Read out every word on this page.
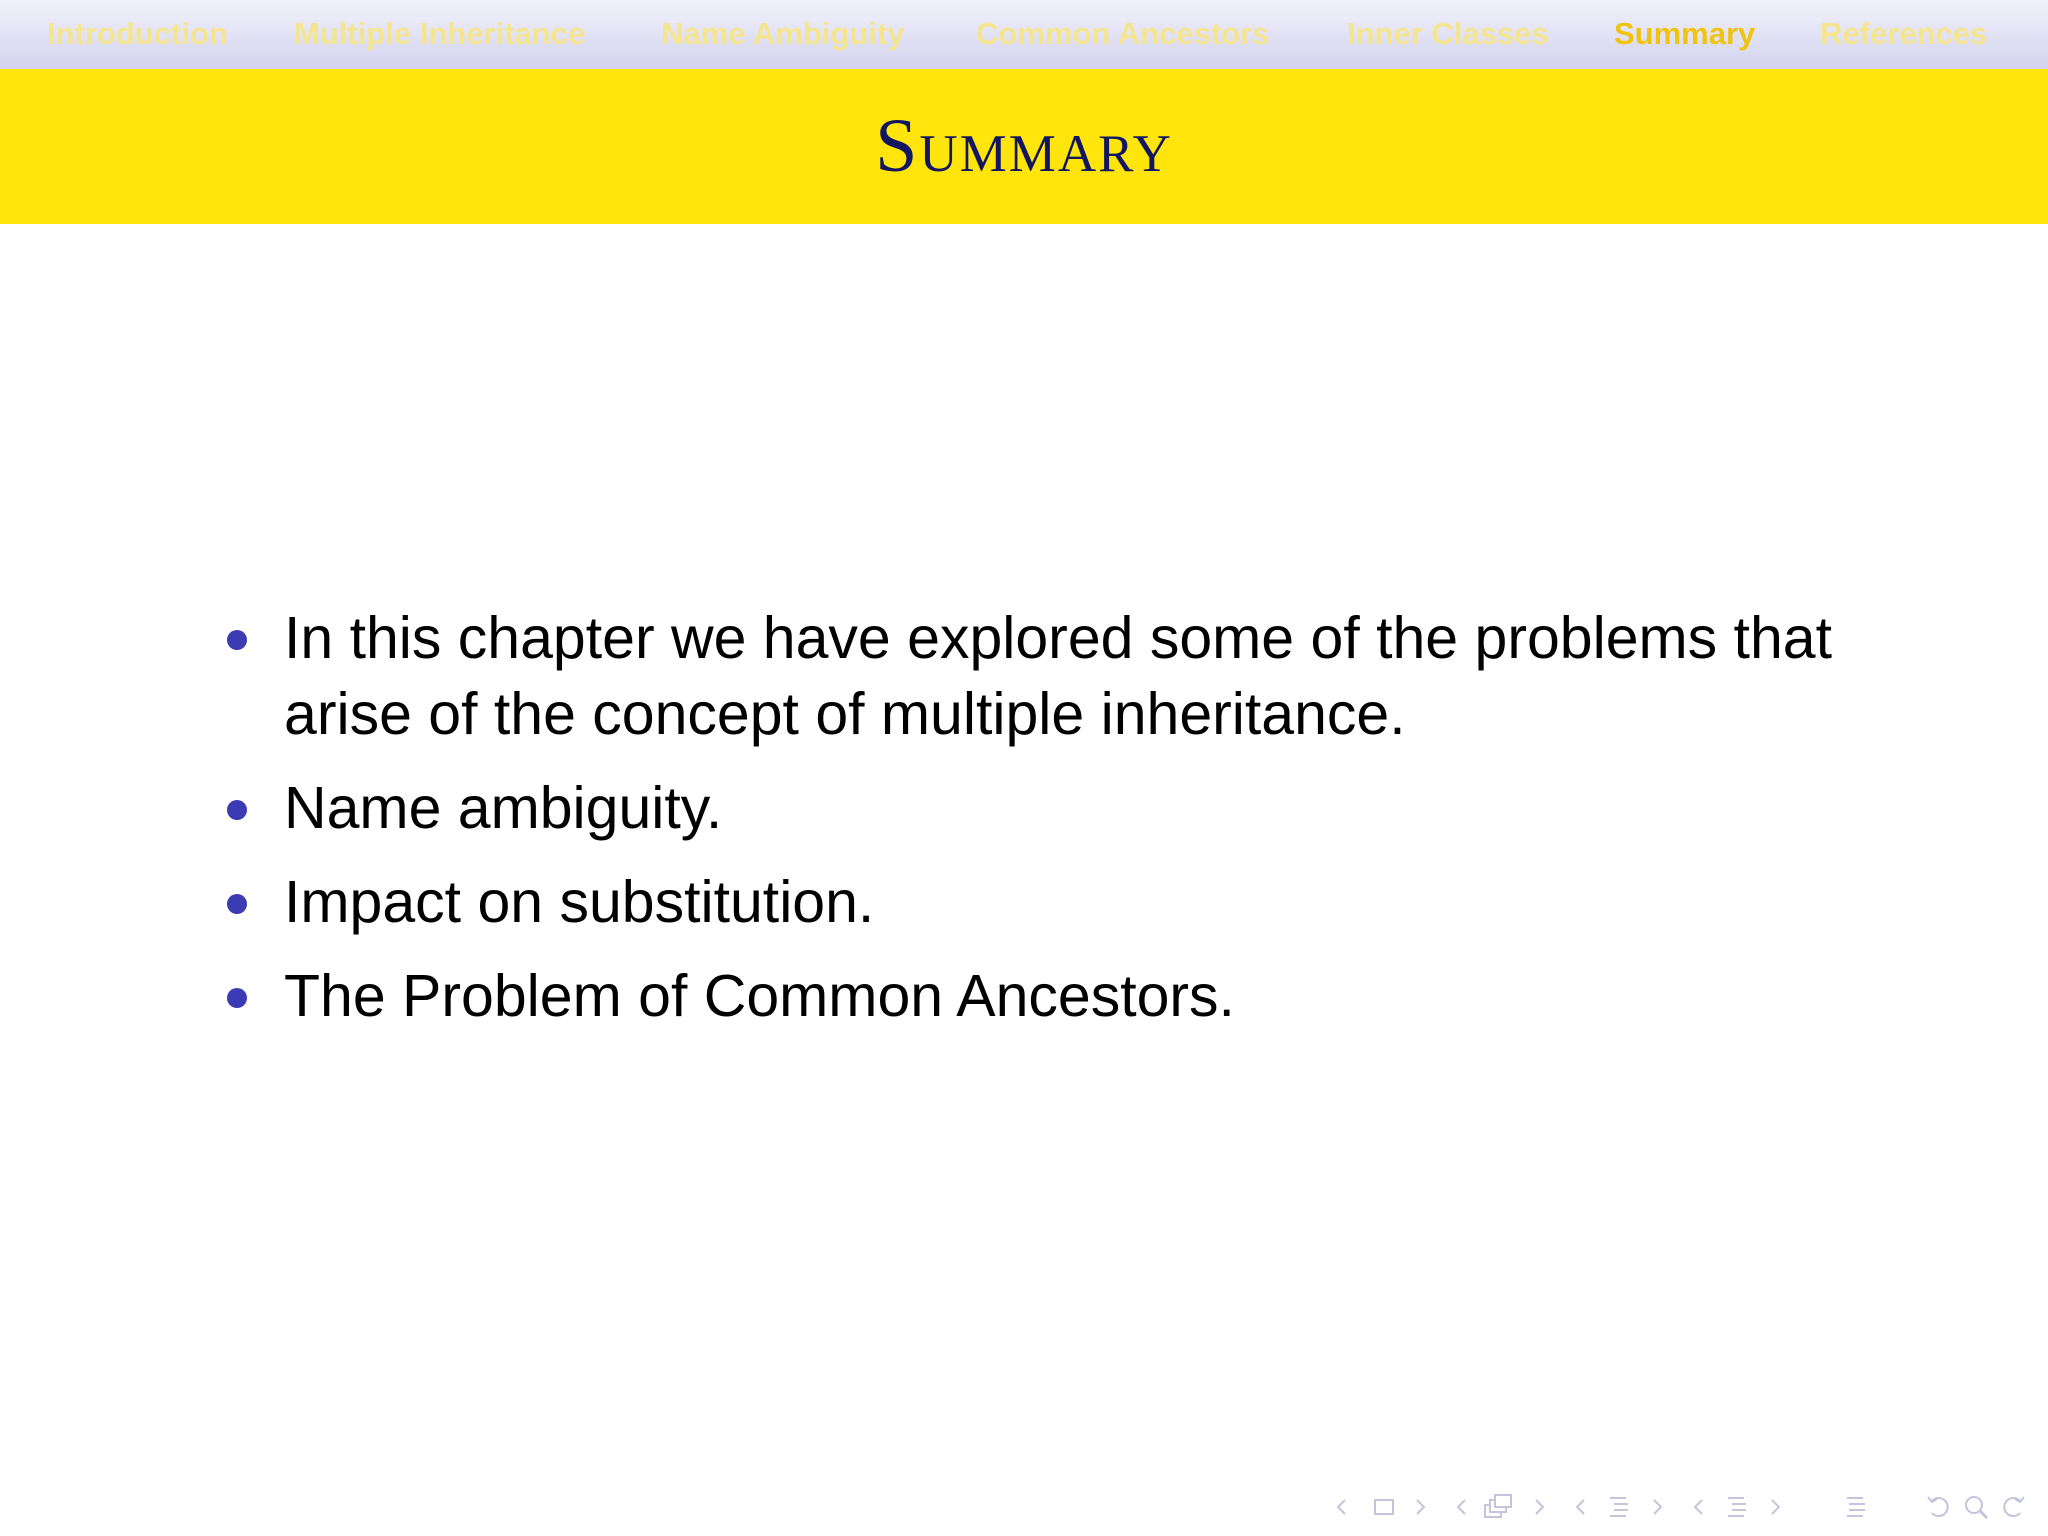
Introduction Multiple Inheritance Name Ambiguity Common Ancestors	Inner Classes Summary References
Summary
In this chapter we have explored some of the problems that arise of the concept of multiple inheritance.
Name ambiguity.
Impact on substitution.
The Problem of Common Ancestors.
